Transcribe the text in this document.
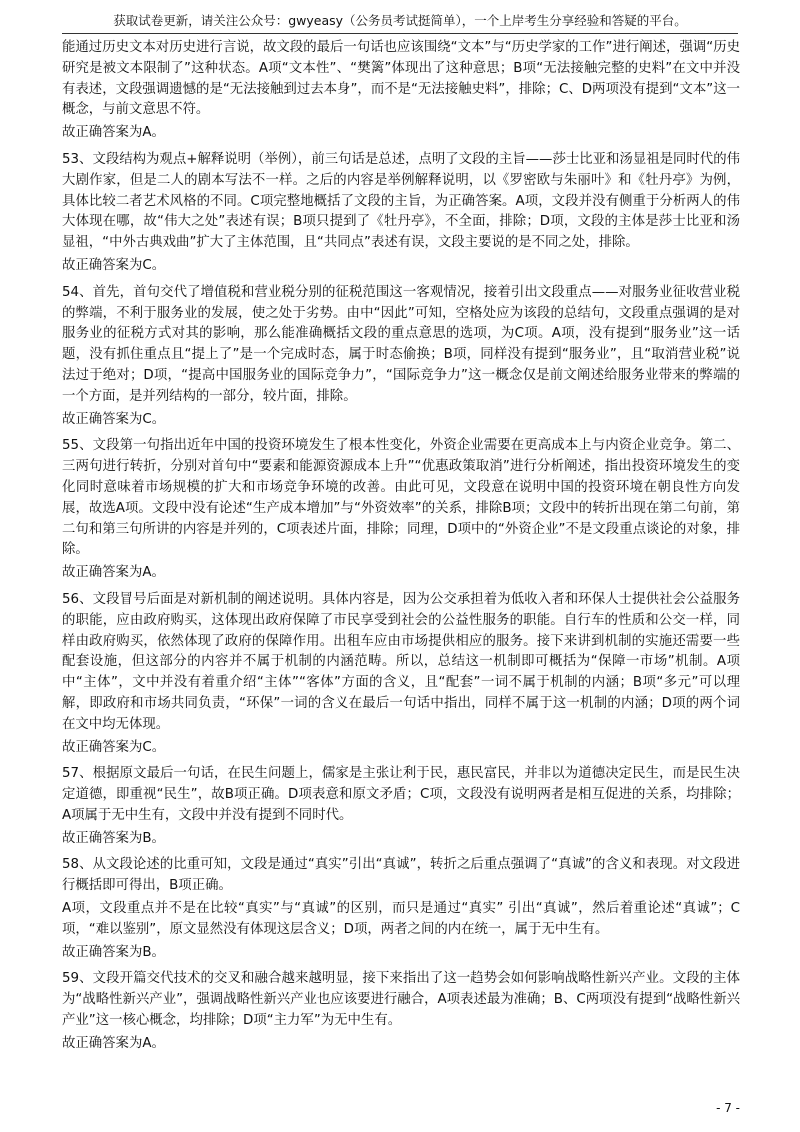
获取试卷更新，请关注公众号：gwyeasy（公务员考试挺简单），一个上岸考生分享经验和答疑的平台。

能通过历史文本对历史进行言说，故文段的最后一句话也应该围绕“文本”与“历史学家的工作”进行阐述，强调“历史研究是被文本限制了”这种状态。A项“文本性”、“樊篱”体现出了这种意思；B项“无法接触完整的史料”在文中并没有表述，文段强调遗憾的是“无法接触到过去本身”，而不是“无法接触史料”，排除；C、D两项没有提到“文本”这一概念，与前文意思不符。

故正确答案为A。

53、文段结构为观点+解释说明（举例），前三句话是总述，点明了文段的主旨——莎士比亚和汤显祖是同时代的伟大剧作家，但是二人的剧本写法不一样。之后的内容是举例解释说明，以《罗密欧与朱丽叶》和《牡丹亭》为例，具体比较二者艺术风格的不同。C项完整地概括了文段的主旨，为正确答案。A项，文段并没有侧重于分析两人的伟大体现在哪，故“伟大之处”表述有误；B项只提到了《牡丹亭》，不全面，排除；D项，文段的主体是莎士比亚和汤显祖，“中外古典戏曲”扩大了主体范围，且“共同点”表述有误，文段主要说的是不同之处，排除。

故正确答案为C。

54、首先，首句交代了增值税和营业税分别的征税范围这一客观情况，接着引出文段重点——对服务业征收营业税的弊端，不利于服务业的发展，使之处于劣势。由中“因此”可知，空格处应为该段的总结句，文段重点强调的是对服务业的征税方式对其的影响，那么能准确概括文段的重点意思的选项，为C项。A项，没有提到“服务业”这一话题，没有抓住重点且“提上了”是一个完成时态，属于时态偷换；B项，同样没有提到“服务业”，且“取消营业税”说法过于绝对；D项，“提高中国服务业的国际竞争力”，“国际竞争力”这一概念仅是前文阐述给服务业带来的弊端的一个方面，是并列结构的一部分，较片面，排除。

故正确答案为C。

55、文段第一句指出近年中国的投资环境发生了根本性变化，外资企业需要在更高成本上与内资企业竞争。第二、三两句进行转折，分别对首句中“要素和能源资源成本上升”“优惠政策取消”进行分析阐述，指出投资环境发生的变化同时意味着市场规模的扩大和市场竞争环境的改善。由此可见，文段意在说明中国的投资环境在朝良性方向发展，故选A项。文段中没有论述“生产成本增加”与“外资效率”的关系，排除B项；文段中的转折出现在第二句前，第二句和第三句所讲的内容是并列的，C项表述片面，排除；同理，D项中的“外资企业”不是文段重点谈论的对象，排除。

故正确答案为A。

56、文段冒号后面是对新机制的阐述说明。具体内容是，因为公交承担着为低收入者和环保人士提供社会公益服务的职能，应由政府购买，这体现出政府保障了市民享受到社会的公益性服务的职能。自行车的性质和公交一样，同样由政府购买，依然体现了政府的保障作用。出租车应由市场提供相应的服务。接下来讲到机制的实施还需要一些配套设施，但这部分的内容并不属于机制的内涵范畴。所以，总结这一机制即可概括为“保障一市场”机制。A项中“主体”，文中并没有着重介绍“主体”“客体”方面的含义，且“配套”一词不属于机制的内涵；B项“多元”可以理解，即政府和市场共同负责，“环保”一词的含义在最后一句话中指出，同样不属于这一机制的内涵；D项的两个词在文中均无体现。

故正确答案为C。

57、根据原文最后一句话，在民生问题上，儒家是主张让利于民，惠民富民，并非以为道德决定民生，而是民生决定道德，即重视“民生”，故B项正确。D项表意和原文矛盾；C项，文段没有说明两者是相互促进的关系，均排除；A项属于无中生有，文段中并没有提到不同时代。

故正确答案为B。

58、从文段论述的比重可知，文段是通过“真实”引出“真诚”，转折之后重点强调了“真诚”的含义和表现。对文段进行概括即可得出，B项正确。

A项，文段重点并不是在比较“真实”与“真诚”的区别，而只是通过“真实” 引出“真诚”，然后着重论述“真诚”；C项，“难以鉴别”，原文显然没有体现这层含义；D项，两者之间的内在统一，属于无中生有。

故正确答案为B。

59、文段开篇交代技术的交叉和融合越来越明显，接下来指出了这一趋势会如何影响战略性新兴产业。文段的主体为“战略性新兴产业”，强调战略性新兴产业也应该要进行融合，A项表述最为准确；B、C两项没有提到“战略性新兴产业”这一核心概念，均排除；D项“主力军”为无中生有。

故正确答案为A。

- 7 -
